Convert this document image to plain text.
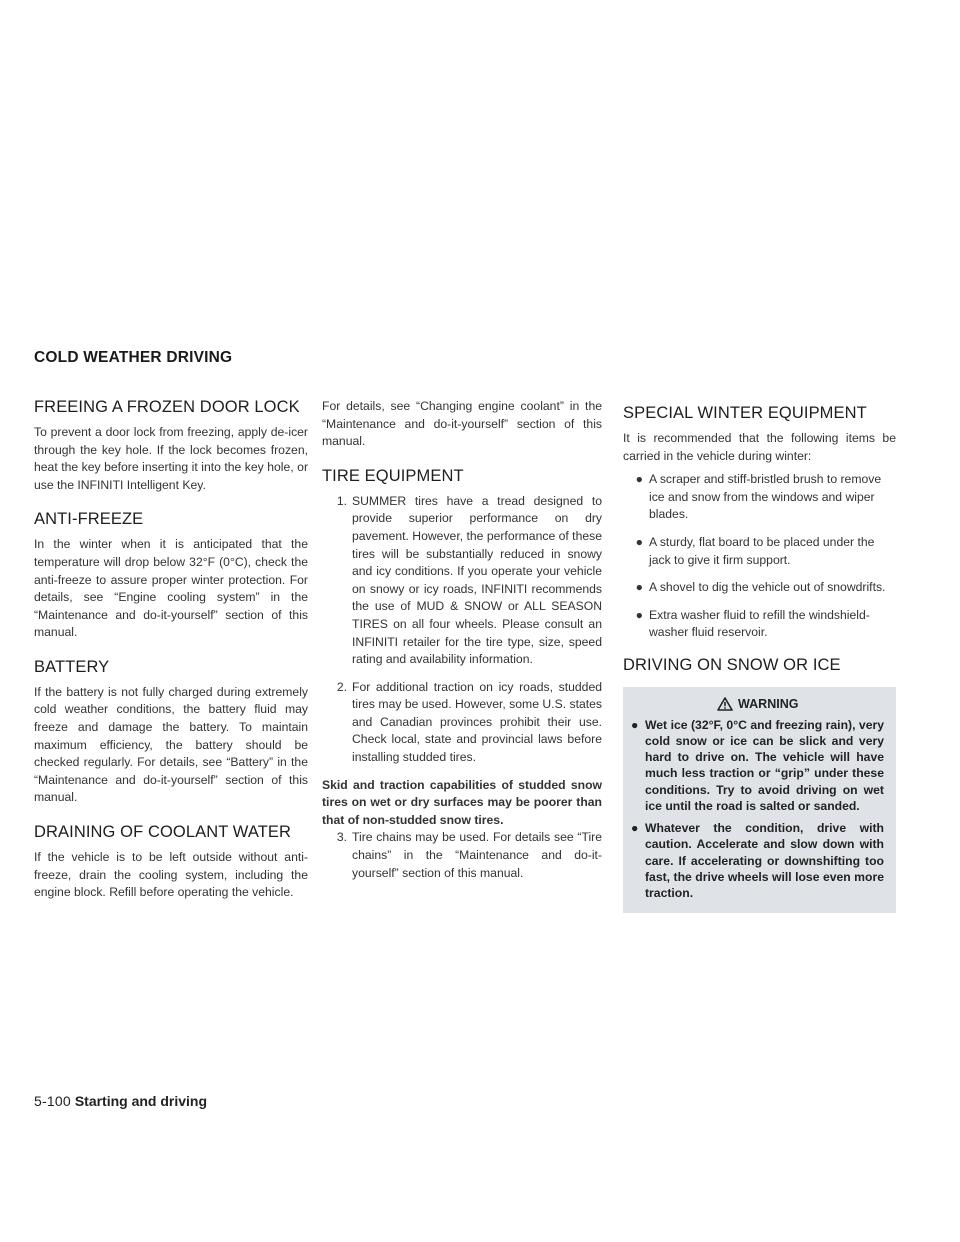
COLD WEATHER DRIVING
FREEING A FROZEN DOOR LOCK

To prevent a door lock from freezing, apply de-icer through the key hole. If the lock becomes frozen, heat the key before inserting it into the key hole, or use the INFINITI Intelligent Key.

ANTI-FREEZE

In the winter when it is anticipated that the temperature will drop below 32°F (0°C), check the anti-freeze to assure proper winter protection. For details, see “Engine cooling system” in the “Maintenance and do-it-yourself” section of this manual.

BATTERY

If the battery is not fully charged during extremely cold weather conditions, the battery fluid may freeze and damage the battery. To maintain maximum efficiency, the battery should be checked regularly. For details, see “Battery” in the “Maintenance and do-it-yourself” section of this manual.

DRAINING OF COOLANT WATER

If the vehicle is to be left outside without anti-freeze, drain the cooling system, including the engine block. Refill before operating the vehicle.

For details, see “Changing engine coolant” in the “Maintenance and do-it-yourself” section of this manual.

TIRE EQUIPMENT
1. SUMMER tires have a tread designed to provide superior performance on dry pavement. However, the performance of these tires will be substantially reduced in snowy and icy conditions. If you operate your vehicle on snowy or icy roads, INFINITI recommends the use of MUD & SNOW or ALL SEASON TIRES on all four wheels. Please consult an INFINITI retailer for the tire type, size, speed rating and availability information.
2. For additional traction on icy roads, studded tires may be used. However, some U.S. states and Canadian provinces prohibit their use. Check local, state and provincial laws before installing studded tires.

Skid and traction capabilities of studded snow tires on wet or dry surfaces may be poorer than that of non-studded snow tires.

3. Tire chains may be used. For details see “Tire chains” in the “Maintenance and do-it-yourself” section of this manual.
SPECIAL WINTER EQUIPMENT

It is recommended that the following items be carried in the vehicle during winter:

● A scraper and stiff-bristled brush to remove ice and snow from the windows and wiper blades.
● A sturdy, flat board to be placed under the jack to give it firm support.
● A shovel to dig the vehicle out of snowdrifts.
● Extra washer fluid to refill the windshield-washer fluid reservoir.
DRIVING ON SNOW OR ICE
WARNING
● Wet ice (32°F, 0°C and freezing rain), very cold snow or ice can be slick and very hard to drive on. The vehicle will have much less traction or “grip” under these conditions. Try to avoid driving on wet ice until the road is salted or sanded.
● Whatever the condition, drive with caution. Accelerate and slow down with care. If accelerating or downshifting too fast, the drive wheels will lose even more traction.
5-100 Starting and driving
